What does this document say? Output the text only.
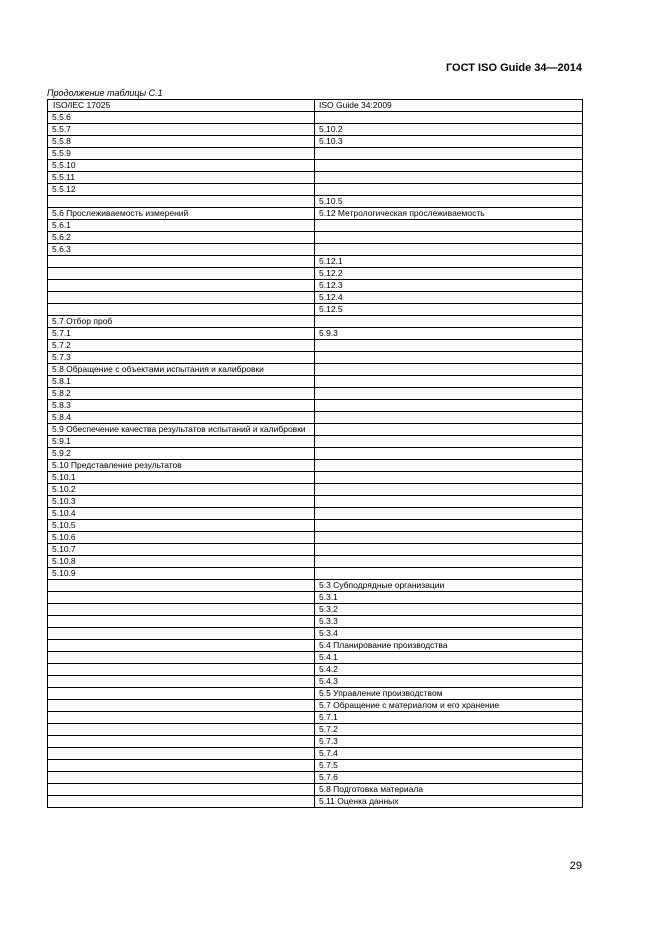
ГОСТ ISO Guide 34—2014
Продолжение таблицы С.1
ISO/IEC 17025	ISO Guide 34:2009
5.5.6	
5.5.7	5.10.2
5.5.8	5.10.3
5.5.9	
5.5.10	
5.5.11	
5.5.12	
	5.10.5
5.6 Прослеживаемость измерений	5.12 Метрологическая прослеживаемость
5.6.1	
5.6.2	
5.6.3	
	5.12.1
	5.12.2
	5.12.3
	5.12.4
	5.12.5
5.7 Отбор проб	
5.7.1	5.9.3
5.7.2	
5.7.3	
5.8 Обращение с объектами испытания и калибровки	
5.8.1	
5.8.2	
5.8.3	
5.8.4	
5.9 Обеспечение качества результатов испытаний и калибровки	
5.9.1	
5.9.2	
5.10 Представление результатов	
5.10.1	
5.10.2	
5.10.3	
5.10.4	
5.10.5	
5.10.6	
5.10.7	
5.10.8	
5.10.9	
	5.3 Субподрядные организации
	5.3.1
	5.3.2
	5.3.3
	5.3.4
	5.4 Планирование производства
	5.4.1
	5.4.2
	5.4.3
	5.5 Управление производством
	5.7 Обращение с материалом и его хранение
	5.7.1
	5.7.2
	5.7.3
	5.7.4
	5.7.5
	5.7.6
	5.8 Подготовка материала
	5.11 Оценка данных
29
